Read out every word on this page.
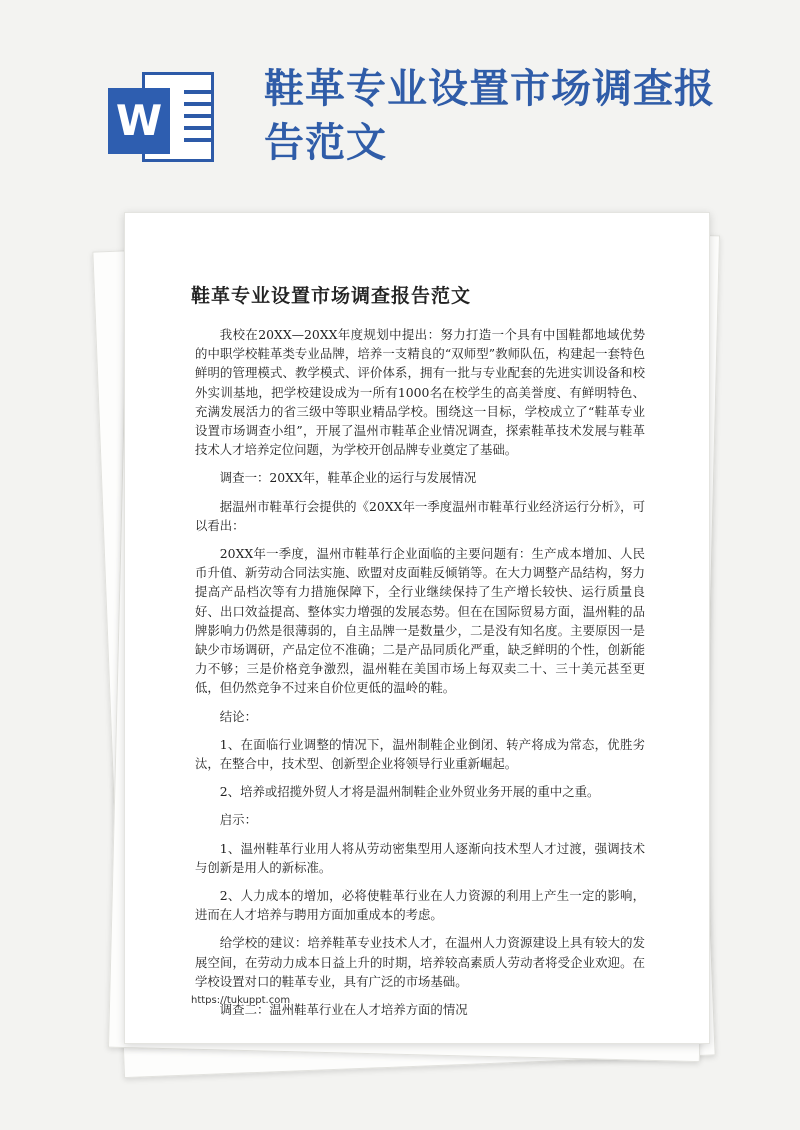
W
鞋革专业设置市场调查报告范文
鞋革专业设置市场调查报告范文

我校在20XX—20XX年度规划中提出：努力打造一个具有中国鞋都地域优势的中职学校鞋革类专业品牌，培养一支精良的“双师型”教师队伍，构建起一套特色鲜明的管理模式、教学模式、评价体系，拥有一批与专业配套的先进实训设备和校外实训基地，把学校建设成为一所有1000名在校学生的高美誉度、有鲜明特色、充满发展活力的省三级中等职业精品学校。围绕这一目标，学校成立了“鞋革专业设置市场调查小组”，开展了温州市鞋革企业情况调查，探索鞋革技术发展与鞋革技术人才培养定位问题，为学校开创品牌专业奠定了基础。

调查一：20XX年，鞋革企业的运行与发展情况

据温州市鞋革行会提供的《20XX年一季度温州市鞋革行业经济运行分析》，可以看出：

20XX年一季度，温州市鞋革行企业面临的主要问题有：生产成本增加、人民币升值、新劳动合同法实施、欧盟对皮面鞋反倾销等。在大力调整产品结构，努力提高产品档次等有力措施保障下，全行业继续保持了生产增长较快、运行质量良好、出口效益提高、整体实力增强的发展态势。但在在国际贸易方面，温州鞋的品牌影响力仍然是很薄弱的，自主品牌一是数量少，二是没有知名度。主要原因一是缺少市场调研，产品定位不准确；二是产品同质化严重，缺乏鲜明的个性，创新能力不够；三是价格竞争激烈，温州鞋在美国市场上每双卖二十、三十美元甚至更低，但仍然竞争不过来自价位更低的温岭的鞋。

结论：

1、在面临行业调整的情况下，温州制鞋企业倒闭、转产将成为常态，优胜劣汰，在整合中，技术型、创新型企业将领导行业重新崛起。

2、培养或招揽外贸人才将是温州制鞋企业外贸业务开展的重中之重。

启示：

1、温州鞋革行业用人将从劳动密集型用人逐渐向技术型人才过渡，强调技术与创新是用人的新标准。

2、人力成本的增加，必将使鞋革行业在人力资源的利用上产生一定的影响，进而在人才培养与聘用方面加重成本的考虑。

给学校的建议：培养鞋革专业技术人才，在温州人力资源建设上具有较大的发展空间，在劳动力成本日益上升的时期，培养较高素质人劳动者将受企业欢迎。在学校设置对口的鞋革专业，具有广泛的市场基础。

调查二：温州鞋革行业在人才培养方面的情况

https://tukuppt.com
